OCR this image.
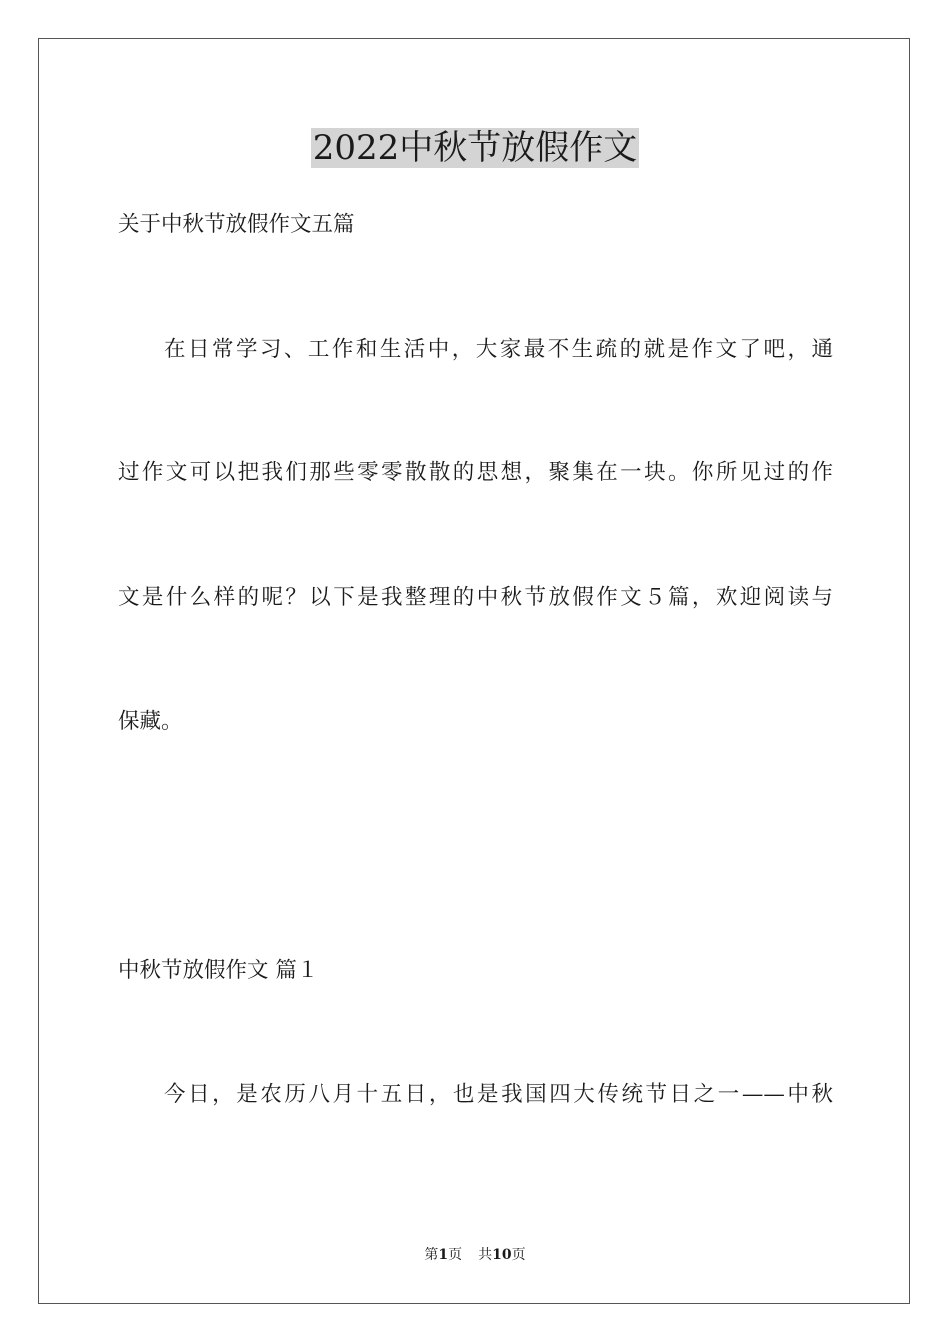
2022中秋节放假作文
关于中秋节放假作文五篇
在日常学习、工作和生活中，大家最不生疏的就是作文了吧，通
过作文可以把我们那些零零散散的思想，聚集在一块。你所见过的作
文是什么样的呢？以下是我整理的中秋节放假作文５篇，欢迎阅读与
保藏。
中秋节放假作文 篇１
今日，是农历八月十五日，也是我国四大传统节日之一——中秋
第1页 共10页
